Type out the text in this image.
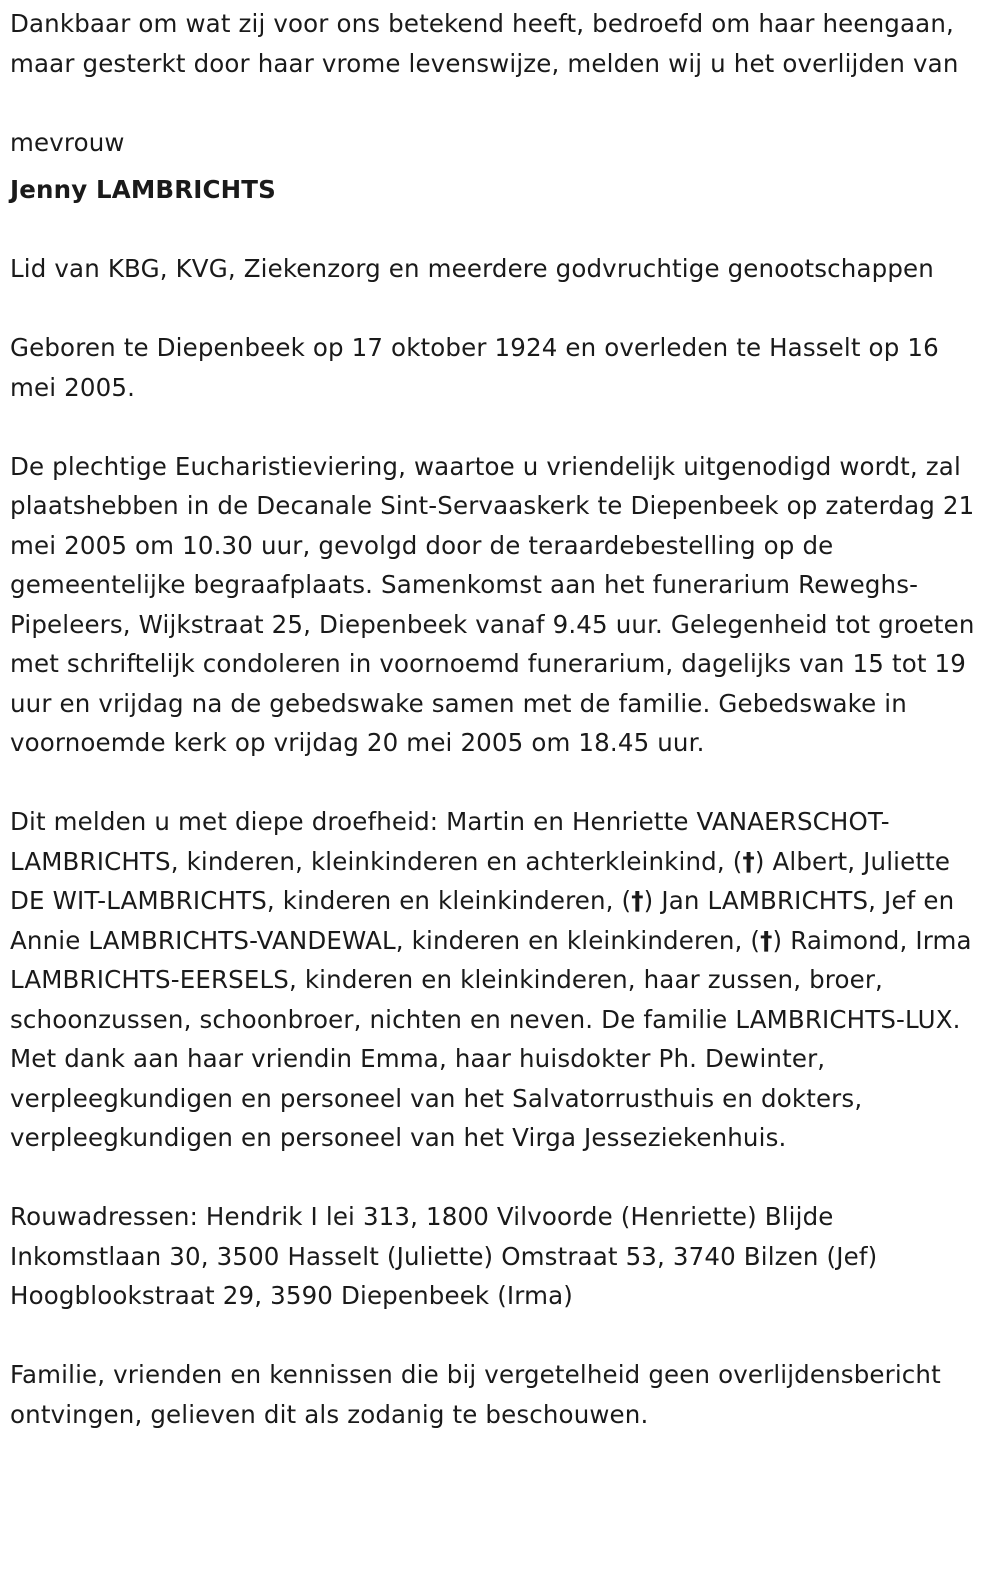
Dankbaar om wat zij voor ons betekend heeft, bedroefd om haar heengaan, maar gesterkt door haar vrome levenswijze, melden wij u het overlijden van

mevrouw

Jenny LAMBRICHTS

Lid van KBG, KVG, Ziekenzorg en meerdere godvruchtige genootschappen

Geboren te Diepenbeek op 17 oktober 1924 en overleden te Hasselt op 16 mei 2005.

De plechtige Eucharistieviering, waartoe u vriendelijk uitgenodigd wordt, zal plaatshebben in de Decanale Sint-Servaaskerk te Diepenbeek op zaterdag 21 mei 2005 om 10.30 uur, gevolgd door de teraardebestelling op de gemeentelijke begraafplaats. Samenkomst aan het funerarium Reweghs-Pipeleers, Wijkstraat 25, Diepenbeek vanaf 9.45 uur. Gelegenheid tot groeten met schriftelijk condoleren in voornoemd funerarium, dagelijks van 15 tot 19 uur en vrijdag na de gebedswake samen met de familie. Gebedswake in voornoemde kerk op vrijdag 20 mei 2005 om 18.45 uur.

Dit melden u met diepe droefheid: Martin en Henriette VANAERSCHOT-LAMBRICHTS, kinderen, kleinkinderen en achterkleinkind, (†) Albert, Juliette DE WIT-LAMBRICHTS, kinderen en kleinkinderen, (†) Jan LAMBRICHTS, Jef en Annie LAMBRICHTS-VANDEWAL, kinderen en kleinkinderen, (†) Raimond, Irma LAMBRICHTS-EERSELS, kinderen en kleinkinderen, haar zussen, broer, schoonzussen, schoonbroer, nichten en neven. De familie LAMBRICHTS-LUX. Met dank aan haar vriendin Emma, haar huisdokter Ph. Dewinter, verpleegkundigen en personeel van het Salvatorrusthuis en dokters, verpleegkundigen en personeel van het Virga Jesseziekenhuis.

Rouwadressen: Hendrik I lei 313, 1800 Vilvoorde (Henriette) Blijde Inkomstlaan 30, 3500 Hasselt (Juliette) Omstraat 53, 3740 Bilzen (Jef) Hoogblookstraat 29, 3590 Diepenbeek (Irma)

Familie, vrienden en kennissen die bij vergetelheid geen overlijdensbericht ontvingen, gelieven dit als zodanig te beschouwen.
